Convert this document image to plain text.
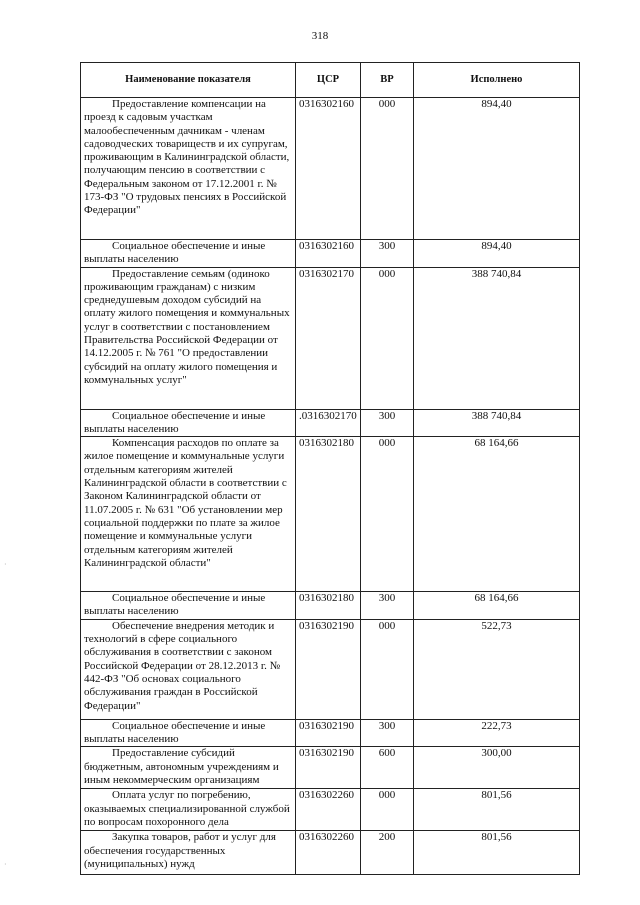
318
Наименование показателя	ЦСР	ВР	Исполнено
Предоставление компенсации на проезд к садовым участкам малообеспеченным дачникам - членам садоводческих товариществ и их супругам, проживающим в Калининградской области, получающим пенсию в соответствии с Федеральным законом от 17.12.2001 г. № 173-ФЗ "О трудовых пенсиях в Российской Федерации"	0316302160	000	894,40
Социальное обеспечение и иные выплаты населению	0316302160	300	894,40
Предоставление семьям (одиноко проживающим гражданам) с низким среднедушевым доходом субсидий на оплату жилого помещения и коммунальных услуг в соответствии с постановлением Правительства Российской Федерации от 14.12.2005 г. № 761 "О предоставлении субсидий на оплату жилого помещения и коммунальных услуг"	0316302170	000	388 740,84
Социальное обеспечение и иные выплаты населению	.0316302170	300	388 740,84
Компенсация расходов по оплате за жилое помещение и коммунальные услуги отдельным категориям жителей Калининградской области в соответствии с Законом Калининградской области от 11.07.2005 г. № 631 "Об установлении мер социальной поддержки по плате за жилое помещение и коммунальные услуги отдельным категориям жителей Калининградской области"	0316302180	000	68 164,66
Социальное обеспечение и иные выплаты населению	0316302180	300	68 164,66
Обеспечение внедрения методик и технологий в сфере социального обслуживания в соответствии с законом Российской Федерации от 28.12.2013 г. № 442-ФЗ "Об основах социального обслуживания граждан в Российской Федерации"	0316302190	000	522,73
Социальное обеспечение и иные выплаты населению	0316302190	300	222,73
Предоставление субсидий бюджетным, автономным учреждениям и иным некоммерческим организациям	0316302190	600	300,00
Оплата услуг по погребению, оказываемых специализированной службой по вопросам похоронного дела	0316302260	000	801,56
Закупка товаров, работ и услуг для обеспечения государственных (муниципальных) нужд	0316302260	200	801,56
·
·
